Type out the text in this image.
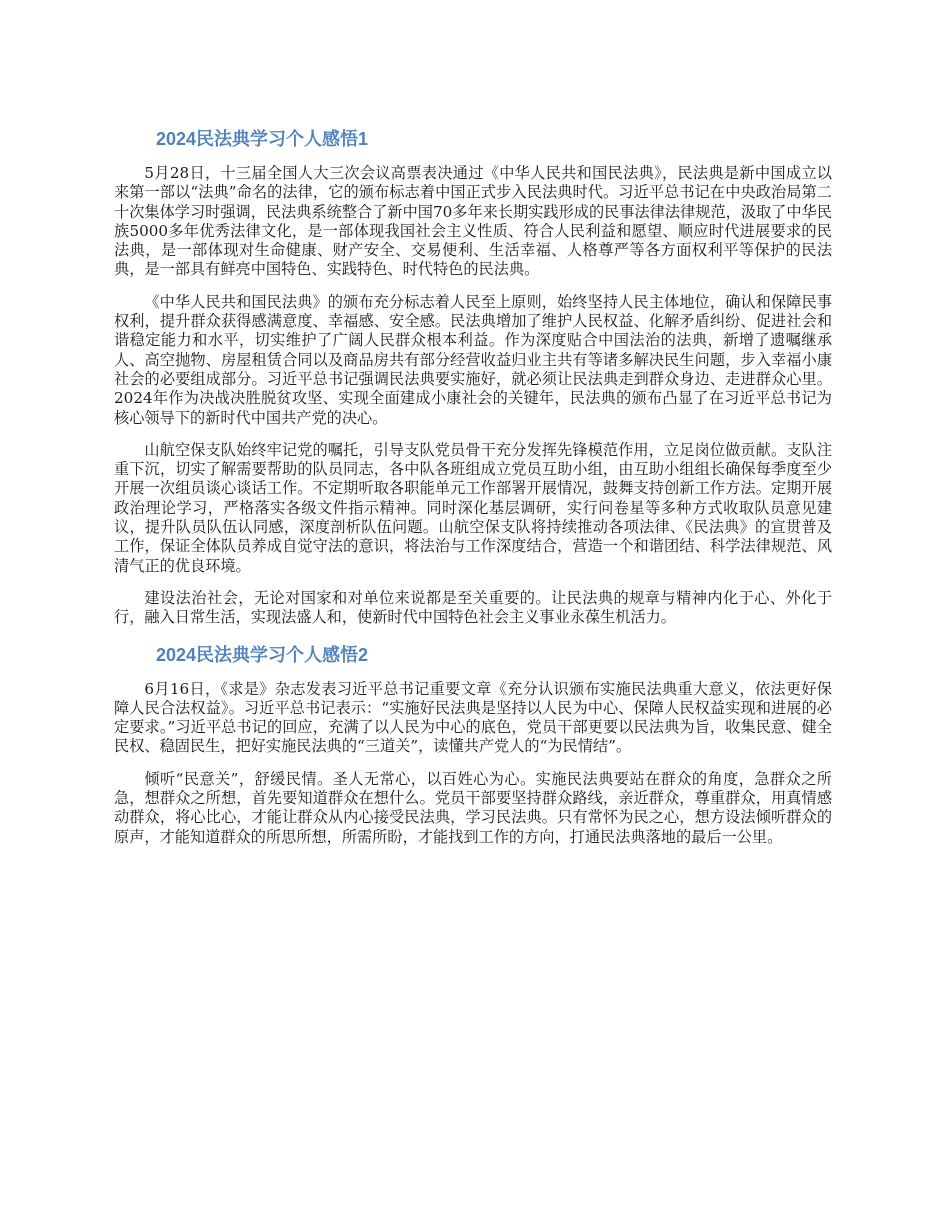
2024民法典学习个人感悟1

5月28日，十三届全国人大三次会议高票表决通过《中华人民共和国民法典》，民法典是新中国成立以来第一部以“法典”命名的法律，它的颁布标志着中国正式步入民法典时代。习近平总书记在中央政治局第二十次集体学习时强调，民法典系统整合了新中国70多年来长期实践形成的民事法律法律规范，汲取了中华民族5000多年优秀法律文化，是一部体现我国社会主义性质、符合人民利益和愿望、顺应时代进展要求的民法典，是一部体现对生命健康、财产安全、交易便利、生活幸福、人格尊严等各方面权利平等保护的民法典，是一部具有鲜亮中国特色、实践特色、时代特色的民法典。

《中华人民共和国民法典》的颁布充分标志着人民至上原则，始终坚持人民主体地位，确认和保障民事权利，提升群众获得感满意度、幸福感、安全感。民法典增加了维护人民权益、化解矛盾纠纷、促进社会和谐稳定能力和水平，切实维护了广阔人民群众根本利益。作为深度贴合中国法治的法典，新增了遗嘱继承人、高空抛物、房屋租赁合同以及商品房共有部分经营收益归业主共有等诸多解决民生问题，步入幸福小康社会的必要组成部分。习近平总书记强调民法典要实施好，就必须让民法典走到群众身边、走进群众心里。2024年作为决战决胜脱贫攻坚、实现全面建成小康社会的关键年，民法典的颁布凸显了在习近平总书记为核心领导下的新时代中国共产党的决心。

山航空保支队始终牢记党的嘱托，引导支队党员骨干充分发挥先锋模范作用，立足岗位做贡献。支队注重下沉，切实了解需要帮助的队员同志，各中队各班组成立党员互助小组，由互助小组组长确保每季度至少开展一次组员谈心谈话工作。不定期听取各职能单元工作部署开展情况，鼓舞支持创新工作方法。定期开展政治理论学习，严格落实各级文件指示精神。同时深化基层调研，实行问卷星等多种方式收取队员意见建议，提升队员队伍认同感，深度剖析队伍问题。山航空保支队将持续推动各项法律、《民法典》的宣贯普及工作，保证全体队员养成自觉守法的意识，将法治与工作深度结合，营造一个和谐团结、科学法律规范、风清气正的优良环境。

建设法治社会，无论对国家和对单位来说都是至关重要的。让民法典的规章与精神内化于心、外化于行，融入日常生活，实现法盛人和，使新时代中国特色社会主义事业永葆生机活力。

2024民法典学习个人感悟2

6月16日，《求是》杂志发表习近平总书记重要文章《充分认识颁布实施民法典重大意义，依法更好保障人民合法权益》。习近平总书记表示：“实施好民法典是坚持以人民为中心、保障人民权益实现和进展的必定要求。”习近平总书记的回应，充满了以人民为中心的底色，党员干部更要以民法典为旨，收集民意、健全民权、稳固民生，把好实施民法典的“三道关”，读懂共产党人的“为民情结”。

倾听“民意关”，舒缓民情。圣人无常心，以百姓心为心。实施民法典要站在群众的角度，急群众之所急，想群众之所想，首先要知道群众在想什么。党员干部要坚持群众路线，亲近群众，尊重群众，用真情感动群众，将心比心，才能让群众从内心接受民法典，学习民法典。只有常怀为民之心，想方设法倾听群众的原声，才能知道群众的所思所想，所需所盼，才能找到工作的方向，打通民法典落地的最后一公里。
